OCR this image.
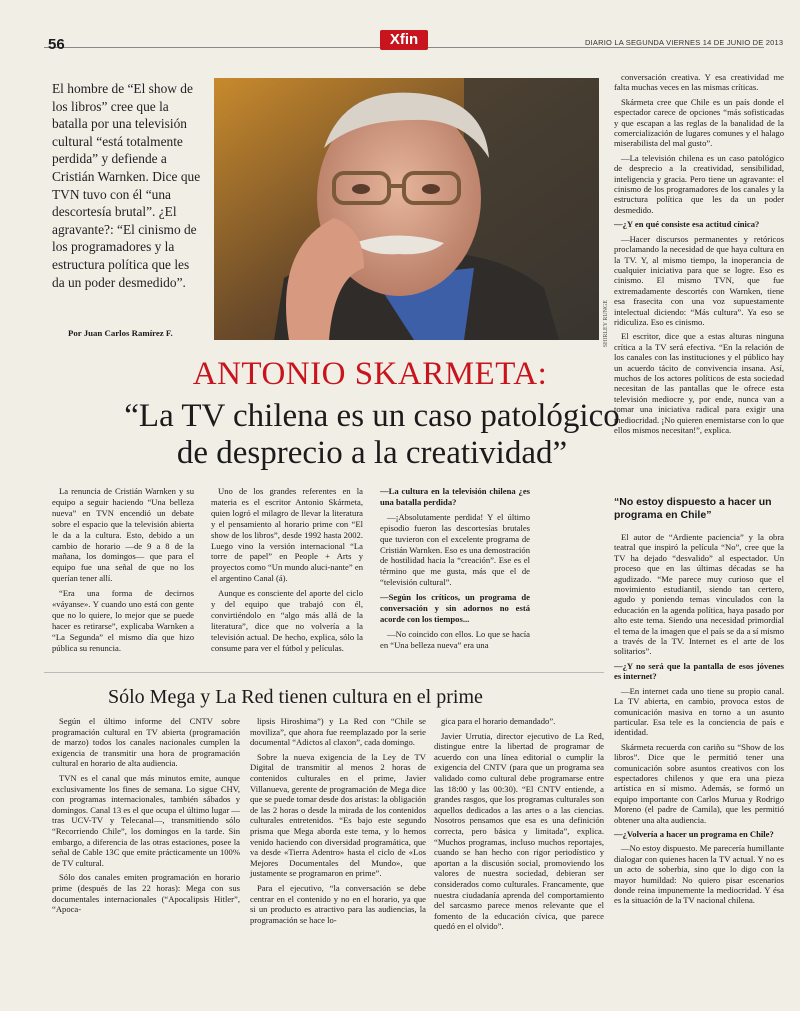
56	Xfin	DIARIO LA SEGUNDA VIERNES 14 DE JUNIO DE 2013
El hombre de “El show de los libros” cree que la batalla por una televisión cultural “está totalmente perdida” y defiende a Cristián Warnken. Dice que TVN tuvo con él “una descortesía brutal”. ¿El agravante?: “El cinismo de los programadores y la estructura política que les da un poder desmedido”.
Por Juan Carlos Ramírez F.	SHIRLEY RUNGE
ANTONIO SKARMETA:
“La TV chilena es un caso patológico
de desprecio a la creatividad”

La renuncia de Cristián Warnken y su equipo a seguir haciendo “Una belleza nueva” en TVN encendió un debate sobre el espacio que la televisión abierta le da a la cultura. Esto, debido a un cambio de horario —de 9 a 8 de la mañana, los domingos— que para el equipo fue una señal de que no los querían tener allí.

“Era una forma de decirnos «váyanse». Y cuando uno está con gente que no lo quiere, lo mejor que se puede hacer es retirarse”, explicaba Warnken a “La Segunda” el mismo día que hizo pública su renuncia.

Uno de los grandes referentes en la materia es el escritor Antonio Skármeta, quien logró el milagro de llevar la literatura y el pensamiento al horario prime con “El show de los libros”, desde 1992 hasta 2002. Luego vino la versión internacional “La torre de papel” en People + Arts y proyectos como “Un mundo aluci-nante” en el argentino Canal (á).

Aunque es consciente del aporte del ciclo y del equipo que trabajó con él, convirtiéndolo en “algo más allá de la literatura”, dice que no volvería a la televisión actual. De hecho, explica, sólo la consume para ver el fútbol y películas.

—La cultura en la televisión chilena ¿es una batalla perdida?

—¡Absolutamente perdida! Y el último episodio fueron las descortesías brutales que tuvieron con el excelente programa de Cristián Warnken. Eso es una demostración de hostilidad hacia la “creación”. Ese es el término que me gusta, más que el de “televisión cultural”.

—Según los críticos, un programa de conversación y sin adornos no está acorde con los tiempos...

—No coincido con ellos. Lo que se hacía en “Una belleza nueva” era una

conversación creativa. Y esa creatividad me falta muchas veces en las mismas críticas.

Skármeta cree que Chile es un país donde el espectador carece de opciones “más sofisticadas y que escapan a las reglas de la banalidad de la comercialización de lugares comunes y el halago miserabilista del mal gusto”.

—La televisión chilena es un caso patológico de desprecio a la creatividad, sensibilidad, inteligencia y gracia. Pero tiene un agravante: el cinismo de los programadores de los canales y la estructura política que les da un poder desmedido.

—¿Y en qué consiste esa actitud cínica?

—Hacer discursos permanentes y retóricos proclamando la necesidad de que haya cultura en la TV. Y, al mismo tiempo, la inoperancia de cualquier iniciativa para que se logre. Eso es cinismo. El mismo TVN, que fue extremadamente descortés con Warnken, tiene esa frasecita con una voz supuestamente intelectual diciendo: “Más cultura”. Ya eso se ridiculiza. Eso es cinismo.

El escritor, dice que a estas alturas ninguna crítica a la TV será efectiva. “En la relación de los canales con las instituciones y el público hay un acuerdo tácito de convivencia insana. Así, muchos de los actores políticos de esta sociedad necesitan de las pantallas que le ofrece esta televisión mediocre y, por ende, nunca van a tomar una iniciativa radical para exigir una mediocridad. ¡No quieren enemistarse con lo que ellos mismos necesitan!”, explica.

“No estoy dispuesto a hacer un programa en Chile”

El autor de “Ardiente paciencia” y la obra teatral que inspiró la película “No”, cree que la TV ha dejado “desvalido” al espectador. Un proceso que en las últimas décadas se ha agudizado. “Me parece muy curioso que el movimiento estudiantil, siendo tan certero, agudo y poniendo temas vinculados con la educación en la agenda política, haya pasado por alto este tema. Siendo una necesidad primordial el tema de la imagen que el país se da a sí mismo a través de la TV. Internet es el arte de los solitarios”.

—¿Y no será que la pantalla de esos jóvenes es internet?

—En internet cada uno tiene su propio canal. La TV abierta, en cambio, provoca estos de comunicación masiva en torno a un asunto particular. Esa tele es la conciencia de país e identidad.

Skármeta recuerda con cariño su “Show de los libros”. Dice que le permitió tener una comunicación sobre asuntos creativos con los espectadores chilenos y que era una pieza artística en sí mismo. Además, se formó un equipo importante con Carlos Murua y Rodrigo Moreno (el padre de Camila), que les permitió obtener una alta audiencia.

—¿Volvería a hacer un programa en Chile?

—No estoy dispuesto. Me parecería humillante dialogar con quienes hacen la TV actual. Y no es un acto de soberbia, sino que lo digo con la mayor humildad: No quiero pisar escenarios donde reina impunemente la mediocridad. Y ésa es la situación de la TV nacional chilena.

Sólo Mega y La Red tienen cultura en el prime

Según el último informe del CNTV sobre programación cultural en TV abierta (programación de marzo) todos los canales nacionales cumplen la exigencia de transmitir una hora de programación cultural en horario de alta audiencia.

TVN es el canal que más minutos emite, aunque exclusivamente los fines de semana. Lo sigue CHV, con programas internacionales, también sábados y domingos. Canal 13 es el que ocupa el último lugar —tras UCV-TV y Telecanal—, transmitiendo sólo “Recorriendo Chile”, los domingos en la tarde. Sin embargo, a diferencia de las otras estaciones, posee la señal de Cable 13C que emite prácticamente un 100% de TV cultural.

Sólo dos canales emiten programación en horario prime (después de las 22 horas): Mega con sus documentales internacionales (“Apocalipsis Hitler”, “Apoca-

lipsis Hiroshima”) y La Red con “Chile se moviliza”, que ahora fue reemplazado por la serie documental “Adictos al claxon”, cada domingo.

Sobre la nueva exigencia de la Ley de TV Digital de transmitir al menos 2 horas de contenidos culturales en el prime, Javier Villanueva, gerente de programación de Mega dice que se puede tomar desde dos aristas: la obligación de las 2 horas o desde la mirada de los contenidos culturales entretenidos. “Es bajo este segundo prisma que Mega aborda este tema, y lo hemos venido haciendo con diversidad programática, que va desde «Tierra Adentro» hasta el ciclo de «Los Mejores Documentales del Mundo», que justamente se programaron en prime”.

Para el ejecutivo, “la conversación se debe centrar en el contenido y no en el horario, ya que si un producto es atractivo para las audiencias, la programación se hace lo-

gica para el horario demandado”.

Javier Urrutia, director ejecutivo de La Red, distingue entre la libertad de programar de acuerdo con una línea editorial o cumplir la exigencia del CNTV (para que un programa sea validado como cultural debe programarse entre las 18:00 y las 00:30). “El CNTV entiende, a grandes rasgos, que los programas culturales son aquellos dedicados a las artes o a las ciencias. Nosotros pensamos que esa es una definición correcta, pero básica y limitada”, explica. “Muchos programas, incluso muchos reportajes, cuando se han hecho con rigor periodístico y aportan a la discusión social, promoviendo los valores de nuestra sociedad, debieran ser considerados como culturales. Francamente, que nuestra ciudadanía aprenda del comportamiento del sarcasmo parece menos relevante que el fomento de la educación cívica, que parece quedó en el olvido”.
